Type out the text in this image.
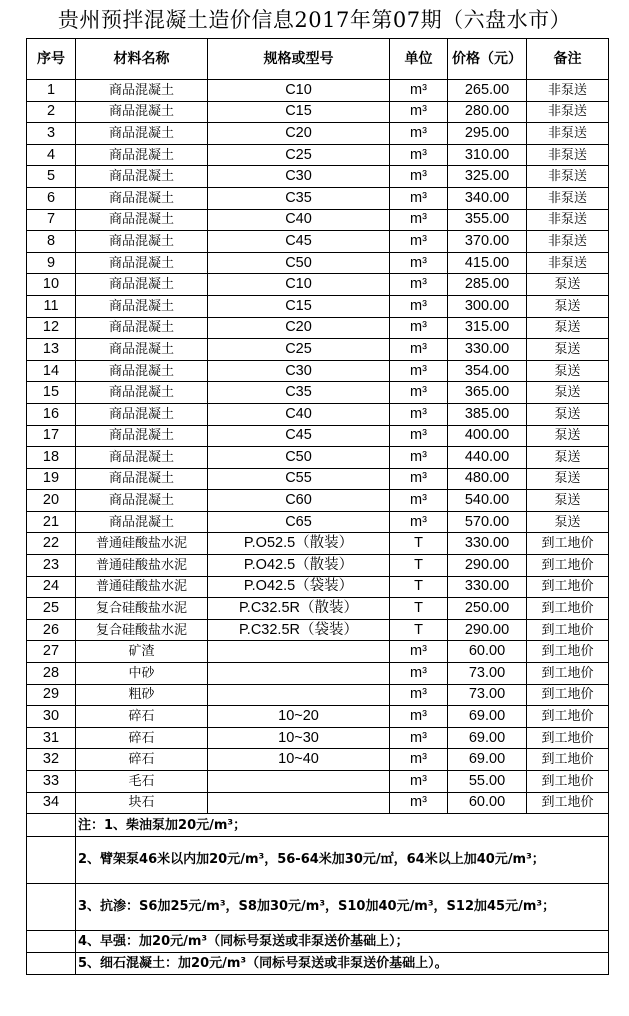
贵州预拌混凝土造价信息2017年第07期（六盘水市）
序号	材料名称	规格或型号	单位	价格（元）	备注
1	商品混凝土	C10	m³	265.00	非泵送
2	商品混凝土	C15	m³	280.00	非泵送
3	商品混凝土	C20	m³	295.00	非泵送
4	商品混凝土	C25	m³	310.00	非泵送
5	商品混凝土	C30	m³	325.00	非泵送
6	商品混凝土	C35	m³	340.00	非泵送
7	商品混凝土	C40	m³	355.00	非泵送
8	商品混凝土	C45	m³	370.00	非泵送
9	商品混凝土	C50	m³	415.00	非泵送
10	商品混凝土	C10	m³	285.00	泵送
11	商品混凝土	C15	m³	300.00	泵送
12	商品混凝土	C20	m³	315.00	泵送
13	商品混凝土	C25	m³	330.00	泵送
14	商品混凝土	C30	m³	354.00	泵送
15	商品混凝土	C35	m³	365.00	泵送
16	商品混凝土	C40	m³	385.00	泵送
17	商品混凝土	C45	m³	400.00	泵送
18	商品混凝土	C50	m³	440.00	泵送
19	商品混凝土	C55	m³	480.00	泵送
20	商品混凝土	C60	m³	540.00	泵送
21	商品混凝土	C65	m³	570.00	泵送
22	普通硅酸盐水泥	P.O52.5（散装）	T	330.00	到工地价
23	普通硅酸盐水泥	P.O42.5（散装）	T	290.00	到工地价
24	普通硅酸盐水泥	P.O42.5（袋装）	T	330.00	到工地价
25	复合硅酸盐水泥	P.C32.5R（散装）	T	250.00	到工地价
26	复合硅酸盐水泥	P.C32.5R（袋装）	T	290.00	到工地价
27	矿渣		m³	60.00	到工地价
28	中砂		m³	73.00	到工地价
29	粗砂		m³	73.00	到工地价
30	碎石	10~20	m³	69.00	到工地价
31	碎石	10~30	m³	69.00	到工地价
32	碎石	10~40	m³	69.00	到工地价
33	毛石		m³	55.00	到工地价
34	块石		m³	60.00	到工地价
	注：1、柴油泵加20元/m³；				
	2、臂架泵46米以内加20元/m³，56-64米加30元/㎡，64米以上加40元/m³；				
	3、抗渗：S6加25元/m³，S8加30元/m³，S10加40元/m³，S12加45元/m³；				
	4、早强：加20元/m³（同标号泵送或非泵送价基础上）；				
	5、细石混凝土：加20元/m³（同标号泵送或非泵送价基础上）。				
